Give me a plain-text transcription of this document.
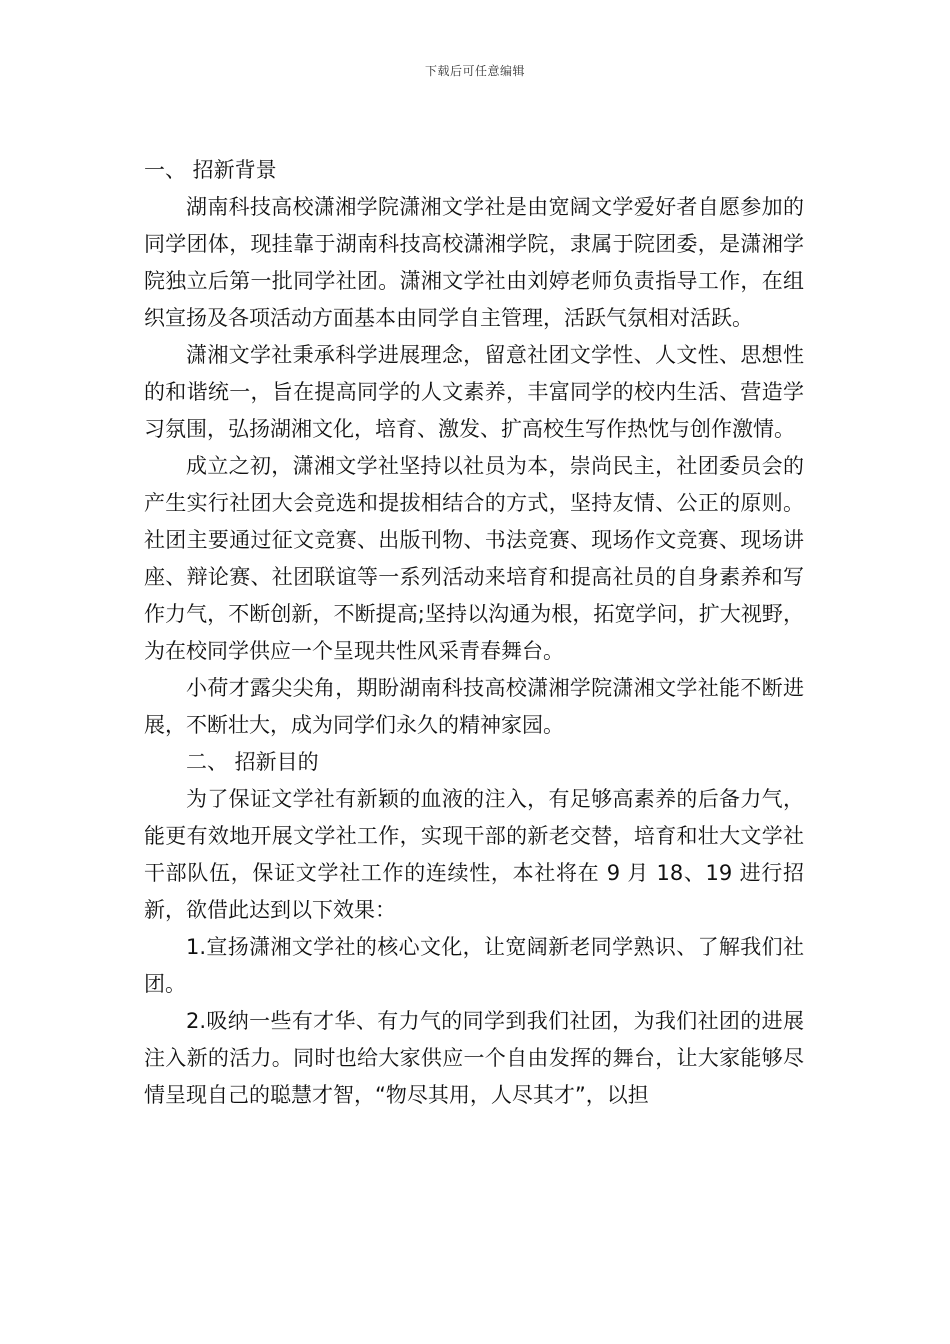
下载后可任意编辑

一、 招新背景

湖南科技高校潇湘学院潇湘文学社是由宽阔文学爱好者自愿参加的同学团体，现挂靠于湖南科技高校潇湘学院，隶属于院团委，是潇湘学院独立后第一批同学社团。潇湘文学社由刘婷老师负责指导工作，在组织宣扬及各项活动方面基本由同学自主管理，活跃气氛相对活跃。

潇湘文学社秉承科学进展理念，留意社团文学性、人文性、思想性的和谐统一，旨在提高同学的人文素养，丰富同学的校内生活、营造学习氛围，弘扬湖湘文化，培育、激发、扩高校生写作热忱与创作激情。

成立之初，潇湘文学社坚持以社员为本，崇尚民主，社团委员会的产生实行社团大会竞选和提拔相结合的方式，坚持友情、公正的原则。社团主要通过征文竞赛、出版刊物、书法竞赛、现场作文竞赛、现场讲座、辩论赛、社团联谊等一系列活动来培育和提高社员的自身素养和写作力气，不断创新，不断提高;坚持以沟通为根，拓宽学问，扩大视野，为在校同学供应一个呈现共性风采青春舞台。

小荷才露尖尖角，期盼湖南科技高校潇湘学院潇湘文学社能不断进展，不断壮大，成为同学们永久的精神家园。

二、 招新目的

为了保证文学社有新颖的血液的注入，有足够高素养的后备力气，能更有效地开展文学社工作，实现干部的新老交替，培育和壮大文学社干部队伍，保证文学社工作的连续性，本社将在 9 月 18、19 进行招新，欲借此达到以下效果：

1.宣扬潇湘文学社的核心文化，让宽阔新老同学熟识、了解我们社团。

2.吸纳一些有才华、有力气的同学到我们社团，为我们社团的进展注入新的活力。同时也给大家供应一个自由发挥的舞台，让大家能够尽情呈现自己的聪慧才智，“物尽其用，人尽其才”，以担
